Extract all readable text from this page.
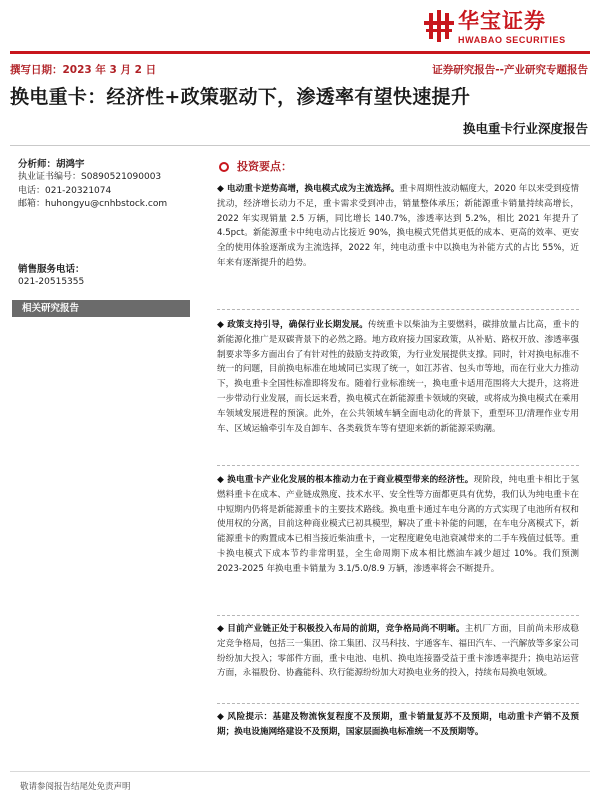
华宝证券
HWABAO SECURITIES
撰写日期：2023 年 3 月 2 日	证券研究报告--产业研究专题报告
换电重卡：经济性+政策驱动下，渗透率有望快速提升
换电重卡行业深度报告
分析师：胡鸿宇
执业证书编号：S0890521090003
电话：021-20321074
邮箱：huhongyu@cnhbstock.com
销售服务电话：
021-20515355
相关研究报告
投资要点：
◆ 电动重卡逆势高增，换电模式成为主流选择。重卡周期性波动幅度大，2020 年以来受到疫情扰动，经济增长动力不足，重卡需求受到冲击，销量整体承压；新能源重卡销量持续高增长，2022 年实现销量 2.5 万辆，同比增长 140.7%，渗透率达到 5.2%，相比 2021 年提升了 4.5pct。新能源重卡中纯电动占比接近 90%，换电模式凭借其更低的成本、更高的效率、更安全的使用体验逐渐成为主流选择，2022 年，纯电动重卡中以换电为补能方式的占比 55%，近年来有逐渐提升的趋势。
◆ 政策支持引导，确保行业长期发展。传统重卡以柴油为主要燃料，碳排放量占比高，重卡的新能源化推广是双碳背景下的必然之路。地方政府接力国家政策，从补贴、路权开放、渗透率强制要求等多方面出台了有针对性的鼓励支持政策，为行业发展提供支撑。同时，针对换电标准不统一的问题，目前换电标准在地域同已实现了统一，如江苏省、包头市等地，而在行业大力推动下，换电重卡全国性标准即将发布。随着行业标准统一，换电重卡适用范围将大大提升，这将进一步带动行业发展，而长远来看，换电模式在新能源重卡领域的突破，或将成为换电模式在乘用车领域发展进程的预演。此外，在公共领域车辆全面电动化的背景下，重型环卫/清理作业专用车、区域运输牵引车及自卸车、各类载货车等有望迎来新的新能源采购潮。
◆ 换电重卡产业化发展的根本推动力在于商业模型带来的经济性。现阶段，纯电重卡相比于氢燃料重卡在成本、产业链成熟度、技术水平、安全性等方面都更具有优势，我们认为纯电重卡在中短期内仍将是新能源重卡的主要技术路线。换电重卡通过车电分离的方式实现了电池所有权和使用权的分离，目前这种商业模式已初具模型，解决了重卡补能的问题，在车电分离模式下，新能源重卡的购置成本已相当接近柴油重卡，一定程度避免电池衰减带来的二手车残值过低等。重卡换电模式下成本节约非常明显，全生命周期下成本相比燃油车减少超过 10%。我们预测 2023-2025 年换电重卡销量为 3.1/5.0/8.9 万辆，渗透率将会不断提升。
◆ 目前产业链正处于积极投入布局的前期，竞争格局尚不明晰。主机厂方面，目前尚未形成稳定竞争格局，包括三一集团、徐工集团、汉马科技、宇通客车、福田汽车、一汽解放等多家公司纷纷加大投入；零部件方面，重卡电池、电机、换电连接器受益于重卡渗透率提升；换电站运营方面，永福股份、协鑫能科、玖行能源纷纷加大对换电业务的投入，持续布局换电领域。
◆ 风险提示：基建及物流恢复程度不及预期，重卡销量复苏不及预期，电动重卡产销不及预期；换电设施网络建设不及预期，国家层面换电标准统一不及预期等。
敬请参阅报告结尾处免责声明
